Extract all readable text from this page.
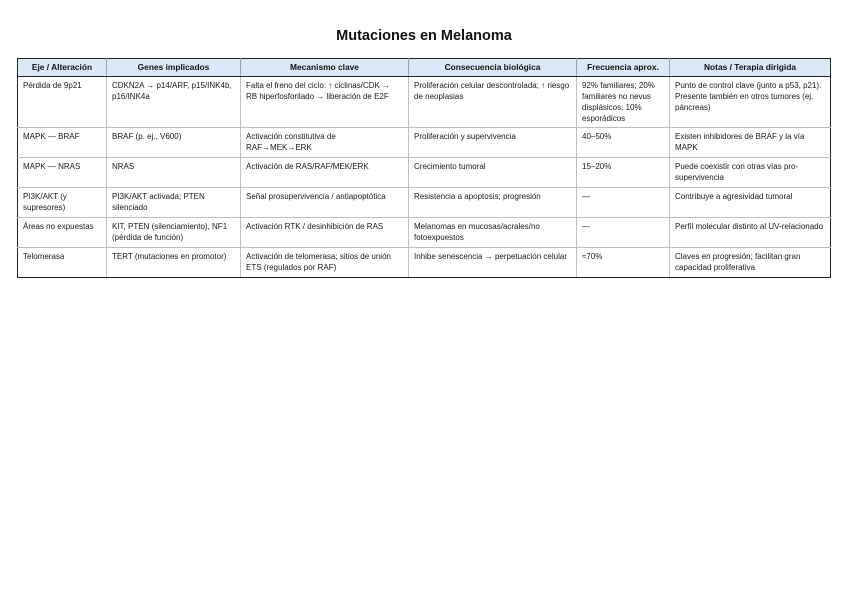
Mutaciones en Melanoma
Eje / Alteración	Genes implicados	Mecanismo clave	Consecuencia biológica	Frecuencia aprox.	Notas / Terapia dirigida
Pérdida de 9p21	CDKN2A → p14/ARF, p15/INK4b, p16/INK4a	Falta el freno del ciclo: ↑ ciclinas/CDK → RB hiperfosforilado → liberación de E2F	Proliferación celular descontrolada; ↑ riesgo de neoplasias	92% familiares; 20% familiares no nevus displásicos; 10% esporádicos	Punto de control clave (junto a p53, p21). Presente también en otros tumores (ej. páncreas)
MAPK — BRAF	BRAF (p. ej., V600)	Activación constitutiva de RAF→MEK→ERK	Proliferación y supervivencia	40–50%	Existen inhibidores de BRAF y la vía MAPK
MAPK — NRAS	NRAS	Activación de RAS/RAF/MEK/ERK	Crecimiento tumoral	15–20%	Puede coexistir con otras vías pro-supervivencia
PI3K/AKT (y supresores)	PI3K/AKT activada; PTEN silenciado	Señal prosupervivencia / antiapoptótica	Resistencia a apoptosis; progresión	—	Contribuye a agresividad tumoral
Áreas no expuestas	KIT, PTEN (silenciamiento), NF1 (pérdida de función)	Activación RTK / desinhibición de RAS	Melanomas en mucosas/acrales/no fotoexpuestos	—	Perfil molecular distinto al UV-relacionado
Telomerasa	TERT (mutaciones en promotor)	Activación de telomerasa; sitios de unión ETS (regulados por RAF)	Inhibe senescencia → perpetuación celular	≈70%	Claves en progresión; facilitan gran capacidad proliferativa
